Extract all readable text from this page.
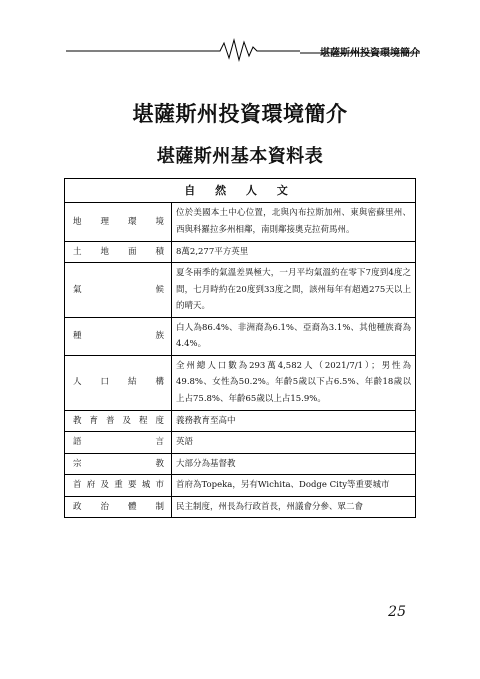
堪薩斯州投資環境簡介
堪薩斯州投資環境簡介
堪薩斯州基本資料表
自 然 人 文	
地理環境	位於美國本土中心位置，北與內布拉斯加州、東與密蘇里州、西與科羅拉多州相鄰，南則鄰接奧克拉荷馬州。
土地面積	8萬2,277平方英里
氣候	夏冬兩季的氣溫差異極大，一月平均氣溫約在零下7度到4度之間，七月時約在20度到33度之間，該州每年有超過275天以上的晴天。
種族	白人為86.4%、非洲裔為6.1%、亞裔為3.1%、其他種族裔為4.4%。
人口結構	全州總人口數為293萬4,582人（2021/7/1）；男性為49.8%、女性為50.2%。年齡5歲以下占6.5%、年齡18歲以上占75.8%、年齡65歲以上占15.9%。
教育普及程度	義務教育至高中
語言	英語
宗教	大部分為基督教
首府及重要城市	首府為Topeka，另有Wichita、Dodge City等重要城市
政治體制	民主制度，州長為行政首長，州議會分參、眾二會
25
